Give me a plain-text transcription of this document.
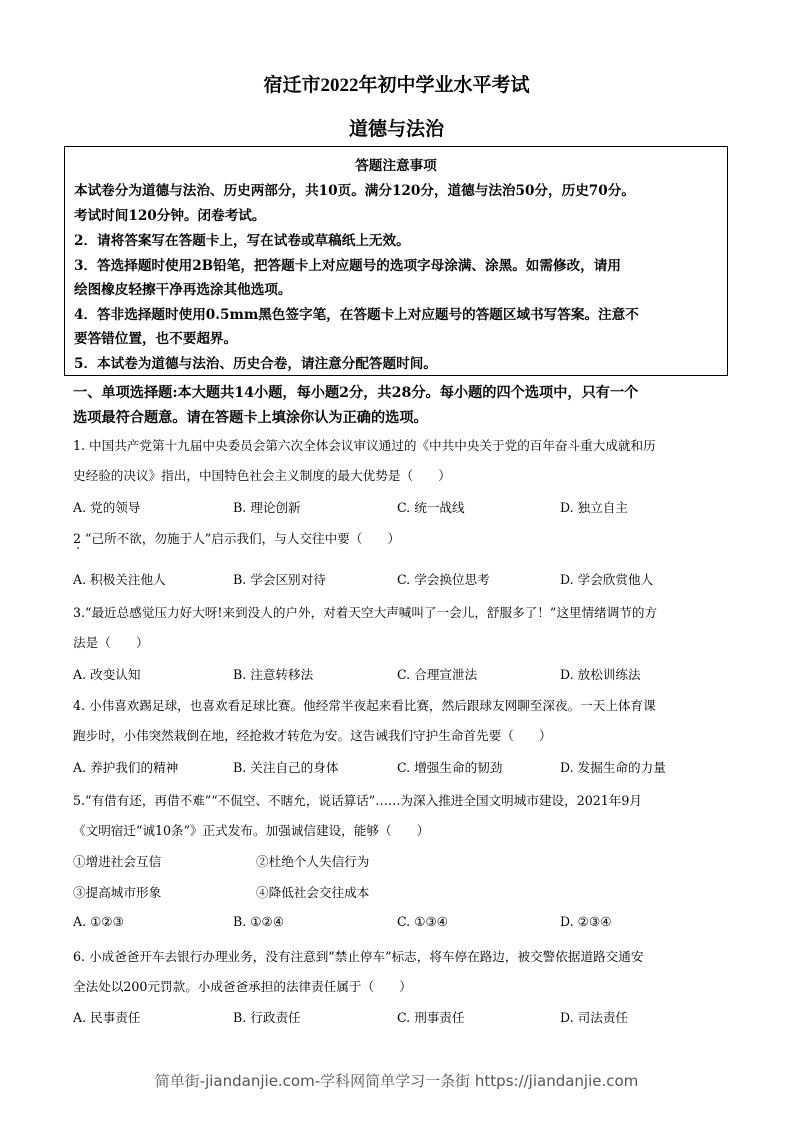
宿迁市2022年初中学业水平考试
道德与法治
答题注意事项
本试卷分为道德与法治、历史两部分，共10页。满分120分，道德与法治50分，历史70分。
考试时间120分钟。闭卷考试。
2．请将答案写在答题卡上，写在试卷或草稿纸上无效。
3．答选择题时使用2B铅笔，把答题卡上对应题号的选项字母涂满、涂黑。如需修改，请用
绘图橡皮轻擦干净再选涂其他选项。
4．答非选择题时使用0.5mm黑色签字笔，在答题卡上对应题号的答题区域书写答案。注意不
要答错位置，也不要超界。
5．本试卷为道德与法治、历史合卷，请注意分配答题时间。
一、单项选择题:本大题共14小题，每小题2分，共28分。每小题的四个选项中，只有一个
选项最符合题意。请在答题卡上填涂你认为正确的选项。
1. 中国共产党第十九届中央委员会第六次全体会议审议通过的《中共中央关于党的百年奋斗重大成就和历
史经验的决议》指出，中国特色社会主义制度的最大优势是（　　）
A. 党的领导	B. 理论创新	C. 统一战线	D. 独立自主
2 “己所不欲，勿施于人”启示我们，与人交往中要（　　）
A. 积极关注他人	B. 学会区别对待	C. 学会换位思考	D. 学会欣赏他人
3.“最近总感觉压力好大呀!来到没人的户外，对着天空大声喊叫了一会儿，舒服多了！”这里情绪调节的方
法是（　　）
A. 改变认知	B. 注意转移法	C. 合理宣泄法	D. 放松训练法
4. 小伟喜欢踢足球，也喜欢看足球比赛。他经常半夜起来看比赛，然后跟球友网聊至深夜。一天上体育课
跑步时，小伟突然栽倒在地，经抢救才转危为安。这告诫我们守护生命首先要（　　）
A. 养护我们的精神	B. 关注自己的身体	C. 增强生命的韧劲	D. 发掘生命的力量
5.“有借有还，再借不难”“不侃空、不瞎允，说话算话”……为深入推进全国文明城市建设，2021年9月
《文明宿迁“诚10条”》正式发布。加强诚信建设，能够（　　）
①增进社会互信	②杜绝个人失信行为
③提高城市形象	④降低社会交往成本
A. ①②③	B. ①②④	C. ①③④	D. ②③④
6. 小成爸爸开车去银行办理业务，没有注意到“禁止停车”标志，将车停在路边，被交警依据道路交通安
全法处以200元罚款。小成爸爸承担的法律责任属于（　　）
A. 民事责任	B. 行政责任	C. 刑事责任	D. 司法责任
简单街-jiandanjie.com-学科网简单学习一条街 https://jiandanjie.com
